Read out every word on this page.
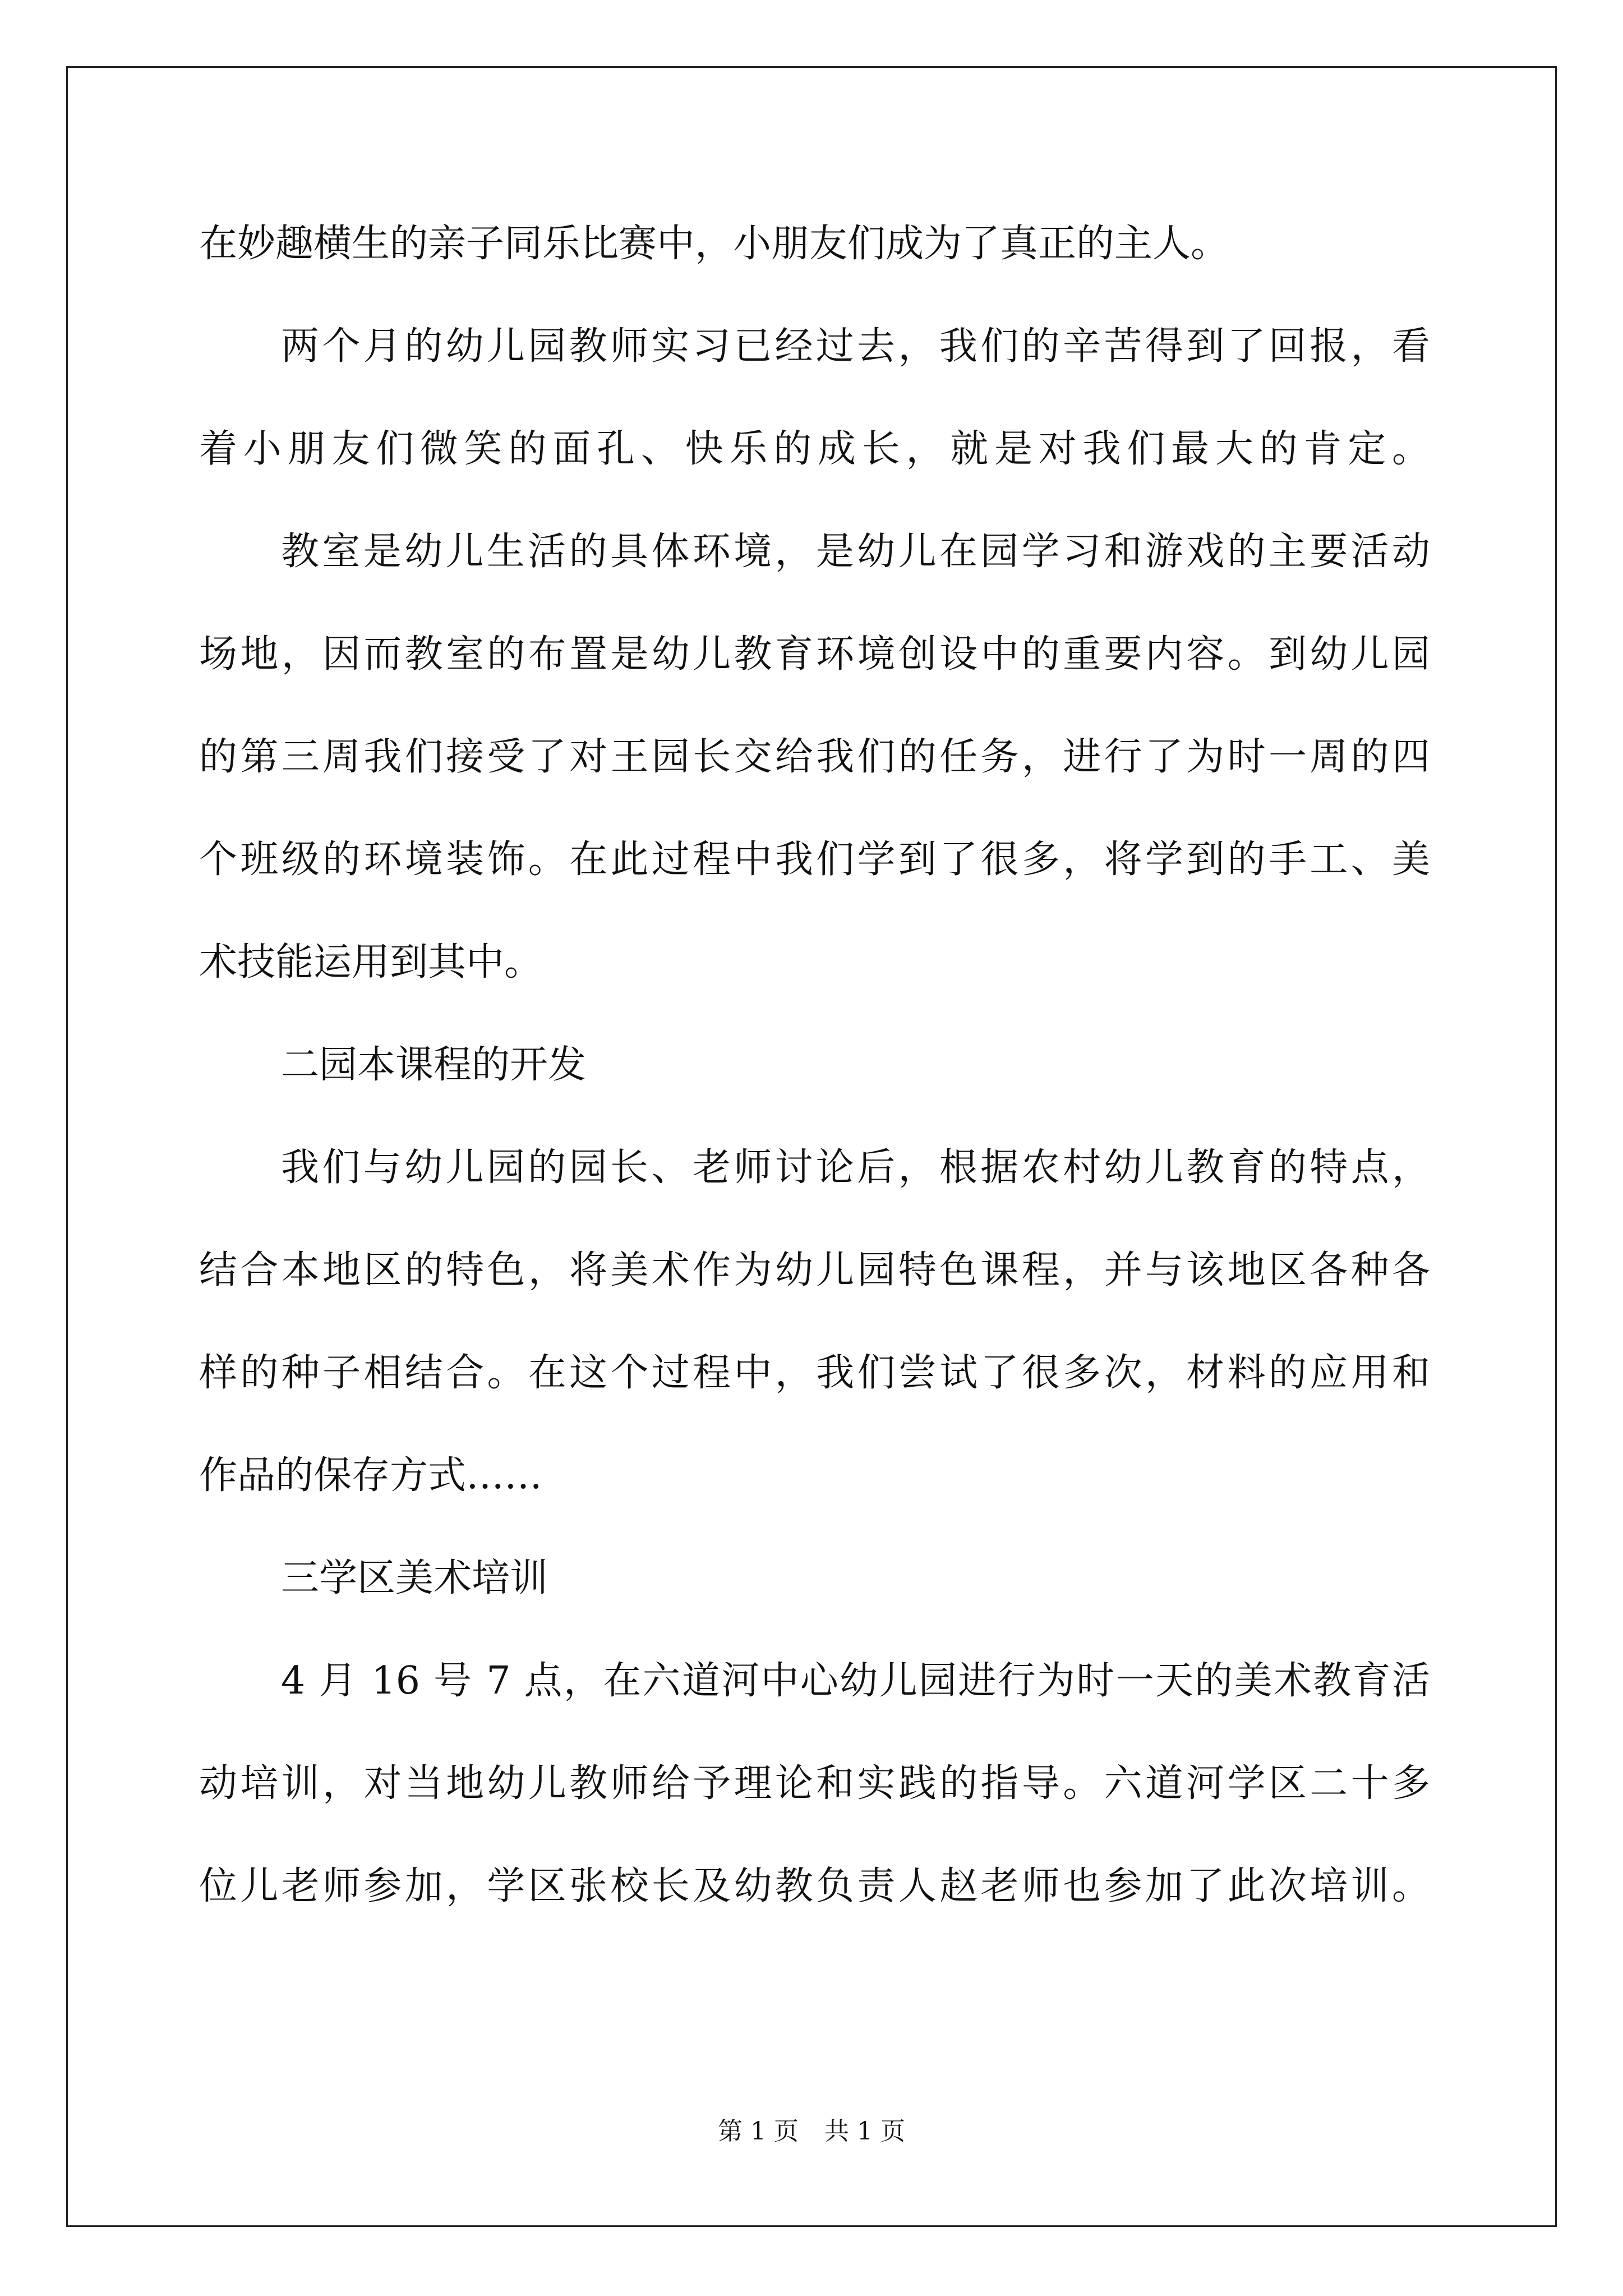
在妙趣横生的亲子同乐比赛中，小朋友们成为了真正的主人。
两个月的幼儿园教师实习已经过去，我们的辛苦得到了回报，看
着小朋友们微笑的面孔、快乐的成长，就是对我们最大的肯定。
教室是幼儿生活的具体环境，是幼儿在园学习和游戏的主要活动
场地，因而教室的布置是幼儿教育环境创设中的重要内容。到幼儿园
的第三周我们接受了对王园长交给我们的任务，进行了为时一周的四
个班级的环境装饰。在此过程中我们学到了很多，将学到的手工、美
术技能运用到其中。
二园本课程的开发
我们与幼儿园的园长、老师讨论后，根据农村幼儿教育的特点，
结合本地区的特色，将美术作为幼儿园特色课程，并与该地区各种各
样的种子相结合。在这个过程中，我们尝试了很多次，材料的应用和
作品的保存方式……
三学区美术培训
4 月 16 号 7 点，在六道河中心幼儿园进行为时一天的美术教育活
动培训，对当地幼儿教师给予理论和实践的指导。六道河学区二十多
位儿老师参加，学区张校长及幼教负责人赵老师也参加了此次培训。
第 1 页 共 1 页
